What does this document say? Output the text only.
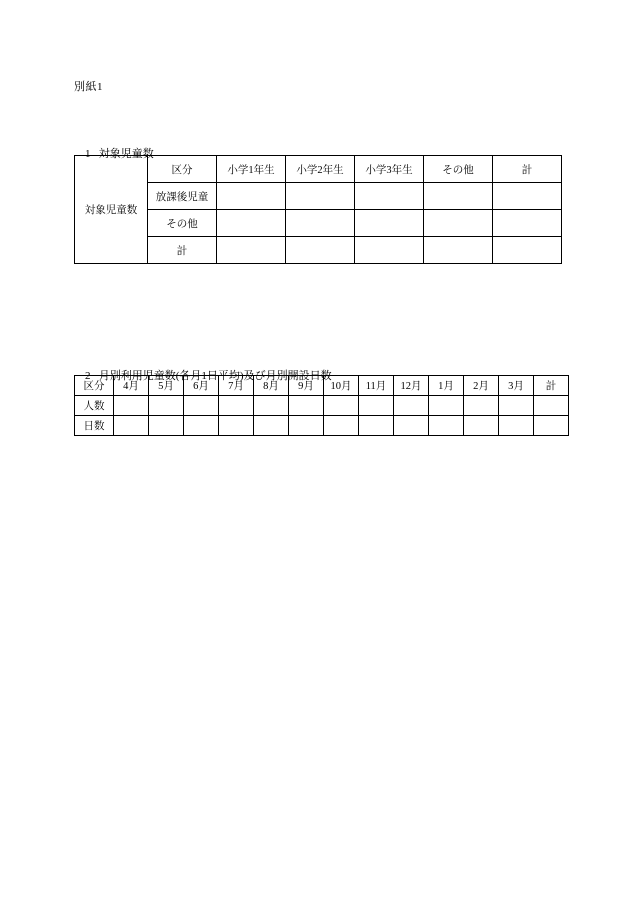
別紙1

1 対象児童数

対象児童数	区分	小学1年生	小学2年生	小学3年生	その他	計
	放課後児童					
	その他					
	計					

2 月別利用児童数(各月1日平均)及び月別開設日数

区分	4月	5月	6月	7月	8月	9月	10月	11月	12月	1月	2月	3月	計
人数													
日数													
